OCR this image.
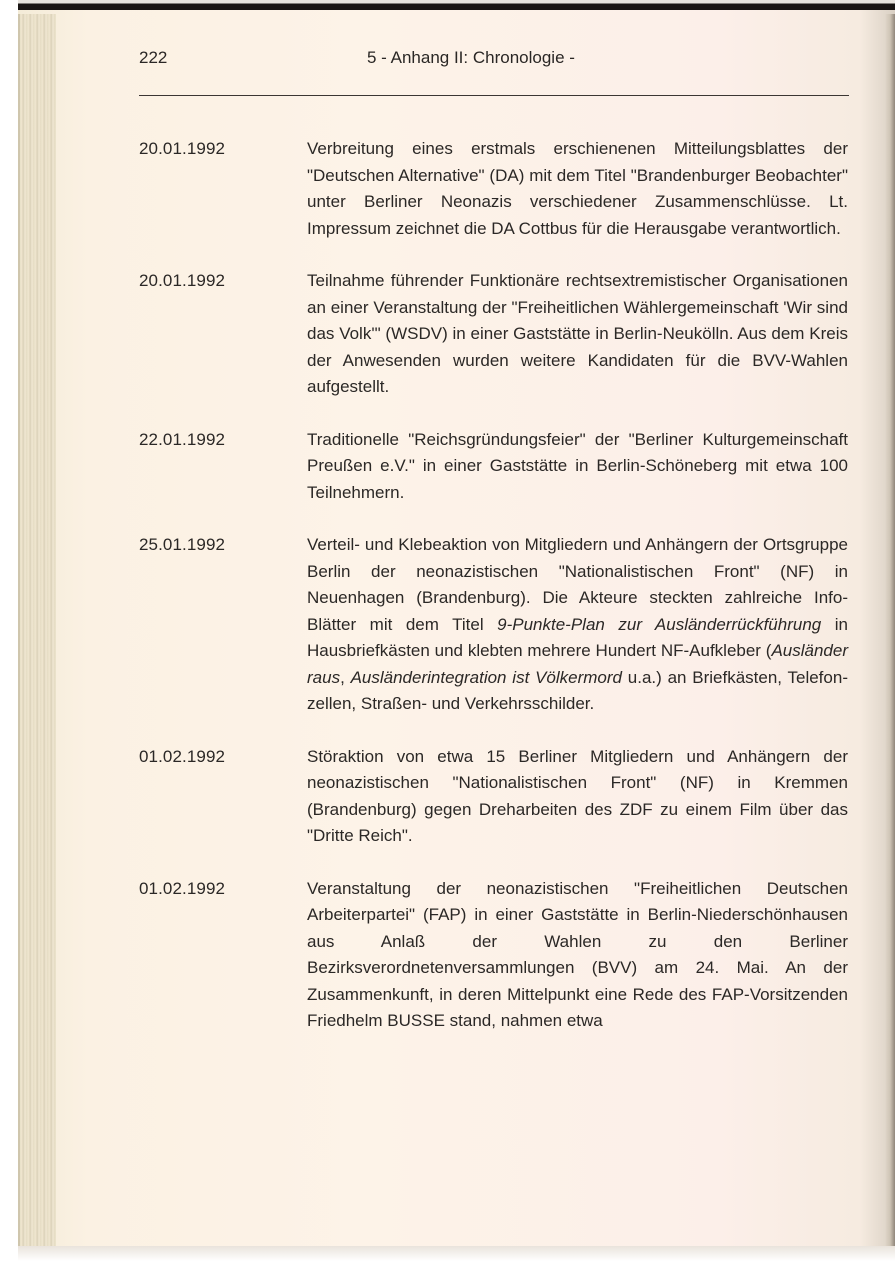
222	5 - Anhang II: Chronologie -
20.01.1992	Verbreitung eines erstmals erschienenen Mitteilungsblattes der "Deutschen Alternative" (DA) mit dem Titel "Brandenburger Beobachter" unter Berliner Neonazis verschiedener Zusammenschlüsse. Lt. Impressum zeichnet die DA Cottbus für die Herausgabe verantwortlich.
20.01.1992	Teilnahme führender Funktionäre rechtsextremistischer Organisationen an einer Veranstaltung der "Freiheitlichen Wählergemeinschaft 'Wir sind das Volk'" (WSDV) in einer Gaststätte in Berlin-Neukölln. Aus dem Kreis der Anwesenden wurden weitere Kandidaten für die BVV-Wahlen aufgestellt.
22.01.1992	Traditionelle "Reichsgründungsfeier" der "Berliner Kulturgemeinschaft Preußen e.V." in einer Gaststätte in Berlin-Schöneberg mit etwa 100 Teilnehmern.
25.01.1992	Verteil- und Klebeaktion von Mitgliedern und Anhängern der Ortsgruppe Berlin der neonazistischen "Nationalistischen Front" (NF) in Neuenhagen (Brandenburg). Die Akteure steckten zahlreiche Info-Blätter mit dem Titel 9-Punkte-Plan zur Ausländerrückführung in Hausbriefkästen und klebten mehrere Hundert NF-Aufkleber (Ausländer raus, Ausländerintegration ist Völkermord u.a.) an Briefkästen, Telefonzellen, Straßen- und Verkehrsschilder.
01.02.1992	Störaktion von etwa 15 Berliner Mitgliedern und Anhängern der neonazistischen "Nationalistischen Front" (NF) in Kremmen (Brandenburg) gegen Dreharbeiten des ZDF zu einem Film über das "Dritte Reich".
01.02.1992	Veranstaltung der neonazistischen "Freiheitlichen Deutschen Arbeiterpartei" (FAP) in einer Gaststätte in Berlin-Niederschönhausen aus Anlaß der Wahlen zu den Berliner Bezirksverordnetenversammlungen (BVV) am 24. Mai. An der Zusammenkunft, in deren Mittelpunkt eine Rede des FAP-Vorsitzenden Friedhelm BUSSE stand, nahmen etwa
